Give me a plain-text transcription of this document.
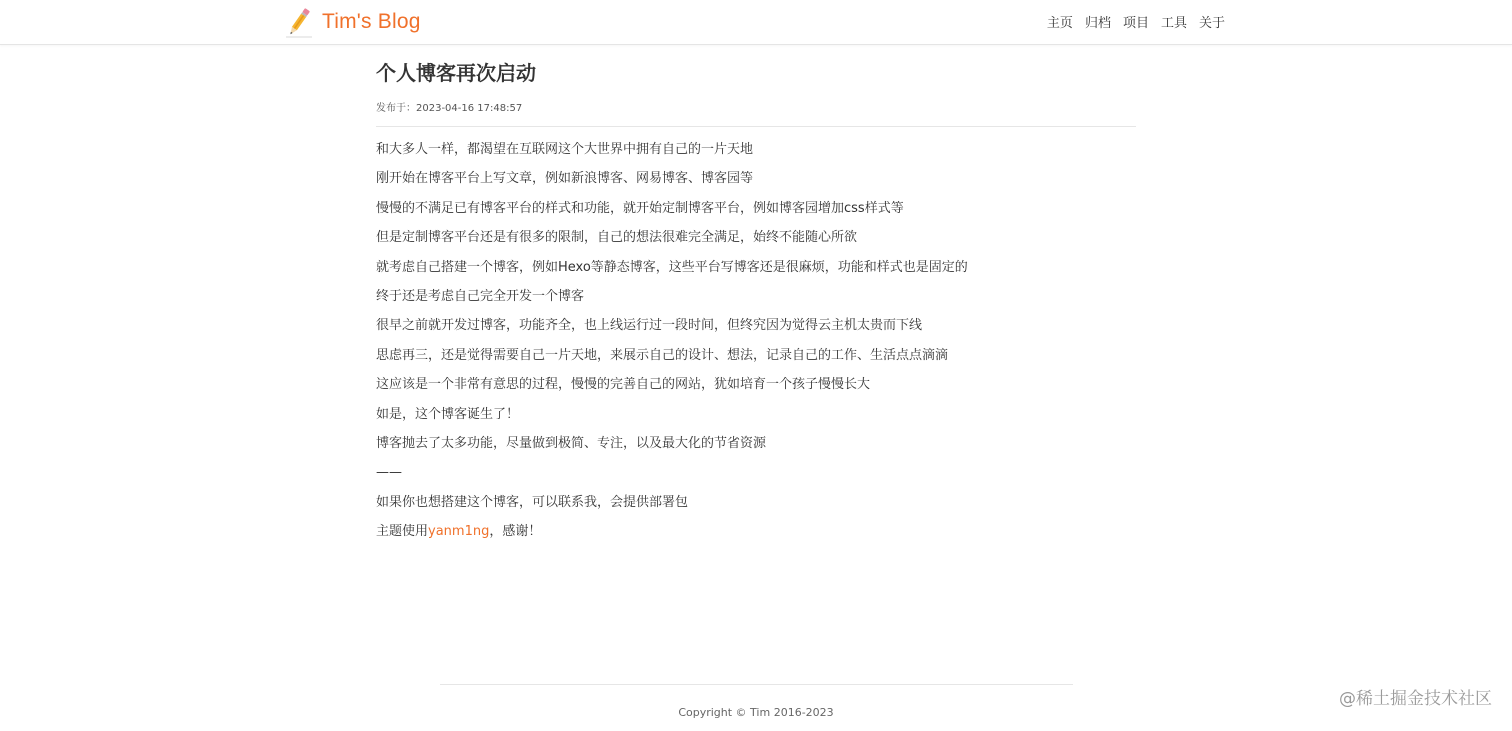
Tim's Blog	主页 归档 项目 工具 关于
个人博客再次启动
发布于：2023-04-16 17:48:57

和大多人一样，都渴望在互联网这个大世界中拥有自己的一片天地

刚开始在博客平台上写文章，例如新浪博客、网易博客、博客园等

慢慢的不满足已有博客平台的样式和功能，就开始定制博客平台，例如博客园增加css样式等

但是定制博客平台还是有很多的限制，自己的想法很难完全满足，始终不能随心所欲

就考虑自己搭建一个博客，例如Hexo等静态博客，这些平台写博客还是很麻烦，功能和样式也是固定的

终于还是考虑自己完全开发一个博客

很早之前就开发过博客，功能齐全，也上线运行过一段时间，但终究因为觉得云主机太贵而下线

思虑再三，还是觉得需要自己一片天地，来展示自己的设计、想法，记录自己的工作、生活点点滴滴

这应该是一个非常有意思的过程，慢慢的完善自己的网站，犹如培育一个孩子慢慢长大

如是，这个博客诞生了！

博客抛去了太多功能，尽量做到极简、专注，以及最大化的节省资源

——

如果你也想搭建这个博客，可以联系我，会提供部署包

主题使用yanm1ng，感谢！

Copyright © Tim 2016-2023
@稀土掘金技术社区
